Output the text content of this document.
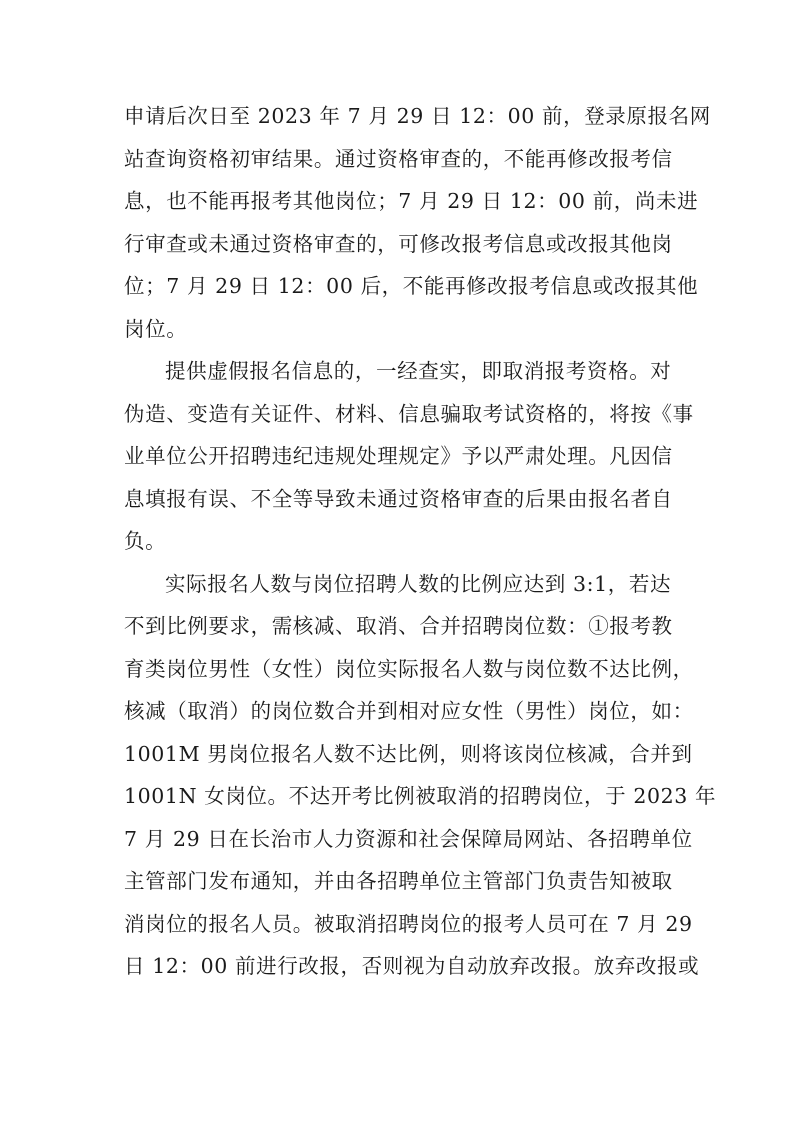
申请后次日至 2023 年 7 月 29 日 12：00 前，登录原报名网
站查询资格初审结果。通过资格审查的，不能再修改报考信
息，也不能再报考其他岗位；7 月 29 日 12：00 前，尚未进
行审查或未通过资格审查的，可修改报考信息或改报其他岗
位；7 月 29 日 12：00 后，不能再修改报考信息或改报其他
岗位。
提供虚假报名信息的，一经查实，即取消报考资格。对
伪造、变造有关证件、材料、信息骗取考试资格的，将按《事
业单位公开招聘违纪违规处理规定》予以严肃处理。凡因信
息填报有误、不全等导致未通过资格审查的后果由报名者自
负。
实际报名人数与岗位招聘人数的比例应达到 3:1，若达
不到比例要求，需核减、取消、合并招聘岗位数：①报考教
育类岗位男性（女性）岗位实际报名人数与岗位数不达比例，
核减（取消）的岗位数合并到相对应女性（男性）岗位，如：
1001M 男岗位报名人数不达比例，则将该岗位核减，合并到
1001N 女岗位。不达开考比例被取消的招聘岗位，于 2023 年
7 月 29 日在长治市人力资源和社会保障局网站、各招聘单位
主管部门发布通知，并由各招聘单位主管部门负责告知被取
消岗位的报名人员。被取消招聘岗位的报考人员可在 7 月 29
日 12：00 前进行改报，否则视为自动放弃改报。放弃改报或
